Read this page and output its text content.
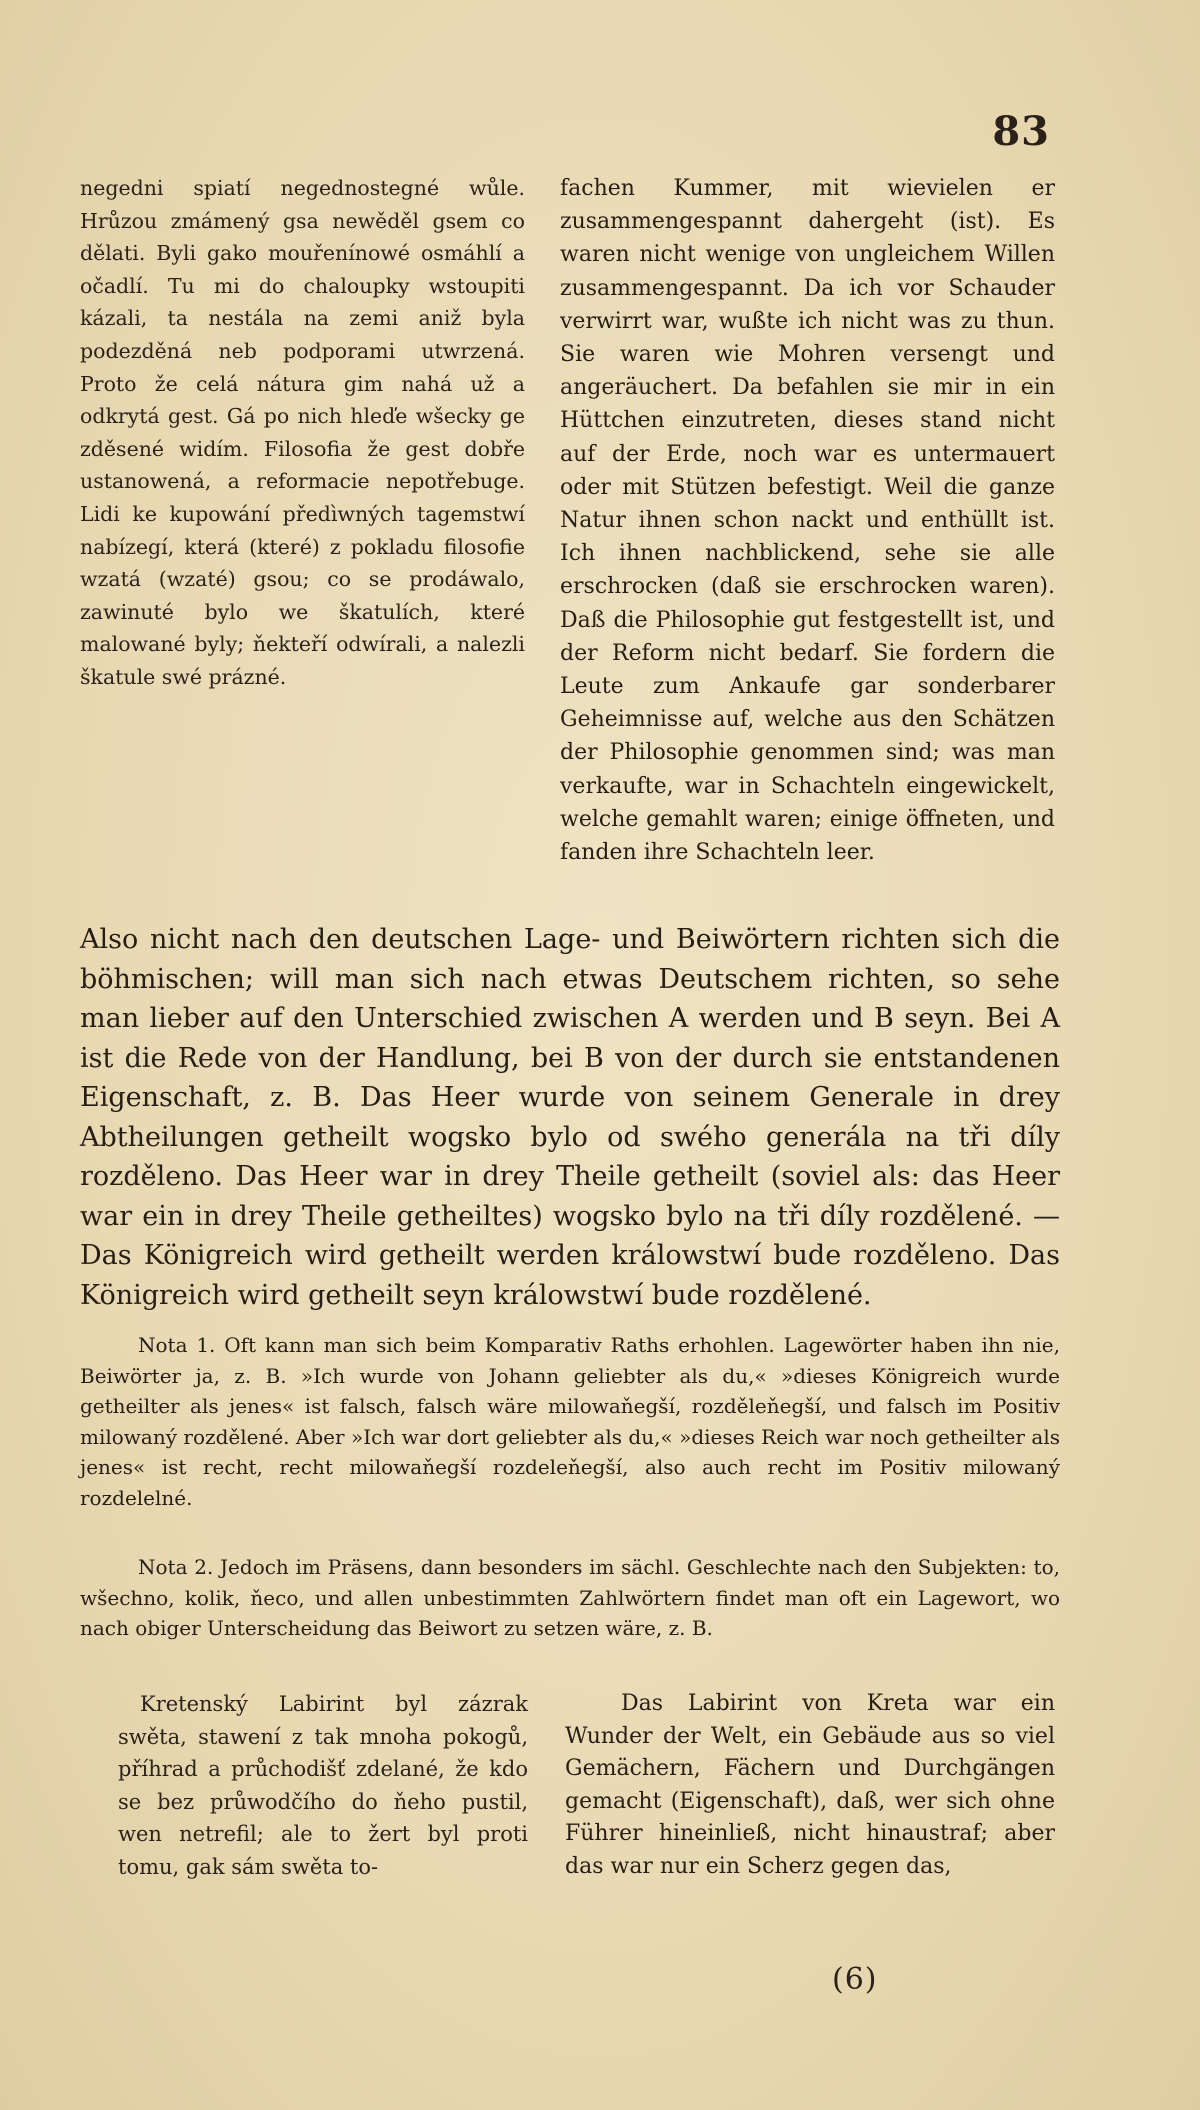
83

negedni spiatí negednostegné wůle. Hrůzou zmámený gsa newěděl gsem co dělati. Byli gako mouřenínowé osmáhlí a očadlí. Tu mi do chaloupky wstoupiti kázali, ta nestála na zemi aniž byla podezděná neb podporami utwrzená. Proto že celá nátura gim nahá už a odkrytá gest. Gá po nich hleďe wšecky ge zděsené widím. Filosofia že gest dobře ustanowená, a reformacie nepotřebuge. Lidi ke kupowání předìwných tagemstwí nabízegí, která (které) z pokladu filosofie wzatá (wzaté) gsou; co se prodáwalo, zawinuté bylo we škatulích, které malowané byly; ňekteří odwírali, a nalezli škatule swé prázné.

fachen Kummer, mit wievielen er zusammengespannt dahergeht (ist). Es waren nicht wenige von ungleichem Willen zusammengespannt. Da ich vor Schauder verwirrt war, wußte ich nicht was zu thun. Sie waren wie Mohren versengt und angeräuchert. Da befahlen sie mir in ein Hüttchen einzutreten, dieses stand nicht auf der Erde, noch war es untermauert oder mit Stützen befestigt. Weil die ganze Natur ihnen schon nackt und enthüllt ist. Ich ihnen nachblickend, sehe sie alle erschrocken (daß sie erschrocken waren). Daß die Philosophie gut festgestellt ist, und der Reform nicht bedarf. Sie fordern die Leute zum Ankaufe gar sonderbarer Geheimnisse auf, welche aus den Schätzen der Philosophie genommen sind; was man verkaufte, war in Schachteln eingewickelt, welche gemahlt waren; einige öffneten, und fanden ihre Schachteln leer.

Also nicht nach den deutschen Lage- und Beiwörtern richten sich die böhmischen; will man sich nach etwas Deutschem richten, so sehe man lieber auf den Unterschied zwischen A werden und B seyn. Bei A ist die Rede von der Handlung, bei B von der durch sie entstandenen Eigenschaft, z. B. Das Heer wurde von seinem Generale in drey Abtheilungen getheilt wogsko bylo od swého generála na tři díly rozděleno. Das Heer war in drey Theile getheilt (soviel als: das Heer war ein in drey Theile getheiltes) wogsko bylo na tři díly rozdělené. — Das Königreich wird getheilt werden králowstwí bude rozděleno. Das Königreich wird getheilt seyn králowstwí bude rozdělené.

Nota 1. Oft kann man sich beim Komparativ Raths erhohlen. Lagewörter haben ihn nie, Beiwörter ja, z. B. »Ich wurde von Johann geliebter als du,« »dieses Königreich wurde getheilter als jenes« ist falsch, falsch wäre milowaňegší, rozděleňegší, und falsch im Positiv milowaný rozdělené. Aber »Ich war dort geliebter als du,« »dieses Reich war noch getheilter als jenes« ist recht, recht milowaňegší rozdeleňegší, also auch recht im Positiv milowaný rozdelelné.

Nota 2. Jedoch im Präsens, dann besonders im sächl. Geschlechte nach den Subjekten: to, wšechno, kolik, ňeco, und allen unbestimmten Zahlwörtern findet man oft ein Lagewort, wo nach obiger Unterscheidung das Beiwort zu setzen wäre, z. B.

Kretenský Labirint byl zázrak swěta, stawení z tak mnoha pokogů, příhrad a průchodišť zdelané, že kdo se bez průwodčího do ňeho pustil, wen netrefil; ale to žert byl proti tomu, gak sám swěta to-

Das Labirint von Kreta war ein Wunder der Welt, ein Gebäude aus so viel Gemächern, Fächern und Durchgängen gemacht (Eigenschaft), daß, wer sich ohne Führer hineinließ, nicht hinaustraf; aber das war nur ein Scherz gegen das,

(6)
